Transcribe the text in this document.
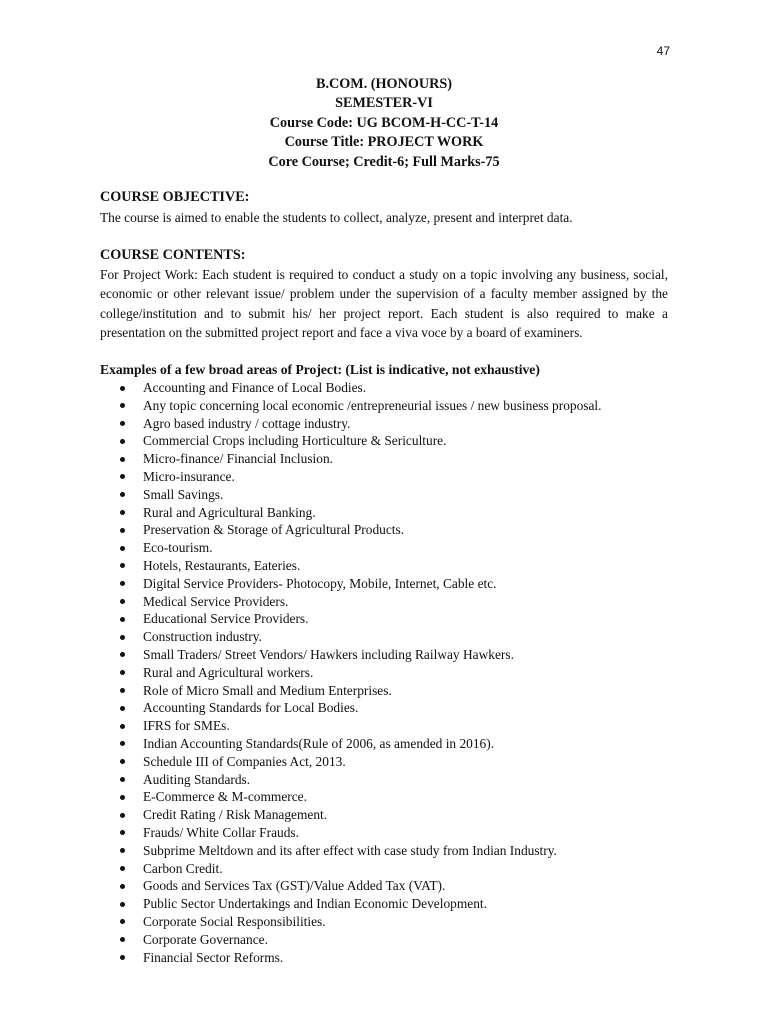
47
B.COM. (HONOURS)
SEMESTER-VI
Course Code: UG BCOM-H-CC-T-14
Course Title: PROJECT WORK
Core Course; Credit-6; Full Marks-75
COURSE OBJECTIVE:
The course is aimed to enable the students to collect, analyze, present and interpret data.
COURSE CONTENTS:
For Project Work: Each student is required to conduct a study on a topic involving any business, social, economic or other relevant issue/ problem under the supervision of a faculty member assigned by the college/institution and to submit his/ her project report. Each student is also required to make a presentation on the submitted project report and face a viva voce by a board of examiners.
Examples of a few broad areas of Project: (List is indicative, not exhaustive)
Accounting and Finance of Local Bodies.
Any topic concerning local economic /entrepreneurial issues / new business proposal.
Agro based industry / cottage industry.
Commercial Crops including Horticulture & Sericulture.
Micro-finance/ Financial Inclusion.
Micro-insurance.
Small Savings.
Rural and Agricultural Banking.
Preservation & Storage of Agricultural Products.
Eco-tourism.
Hotels, Restaurants, Eateries.
Digital Service Providers- Photocopy, Mobile, Internet, Cable etc.
Medical Service Providers.
Educational Service Providers.
Construction industry.
Small Traders/ Street Vendors/ Hawkers including Railway Hawkers.
Rural and Agricultural workers.
Role of Micro Small and Medium Enterprises.
Accounting Standards for Local Bodies.
IFRS for SMEs.
Indian Accounting Standards(Rule of 2006, as amended in 2016).
Schedule III of Companies Act, 2013.
Auditing Standards.
E-Commerce & M-commerce.
Credit Rating / Risk Management.
Frauds/ White Collar Frauds.
Subprime Meltdown and its after effect with case study from Indian Industry.
Carbon Credit.
Goods and Services Tax (GST)/Value Added Tax (VAT).
Public Sector Undertakings and Indian Economic Development.
Corporate Social Responsibilities.
Corporate Governance.
Financial Sector Reforms.
